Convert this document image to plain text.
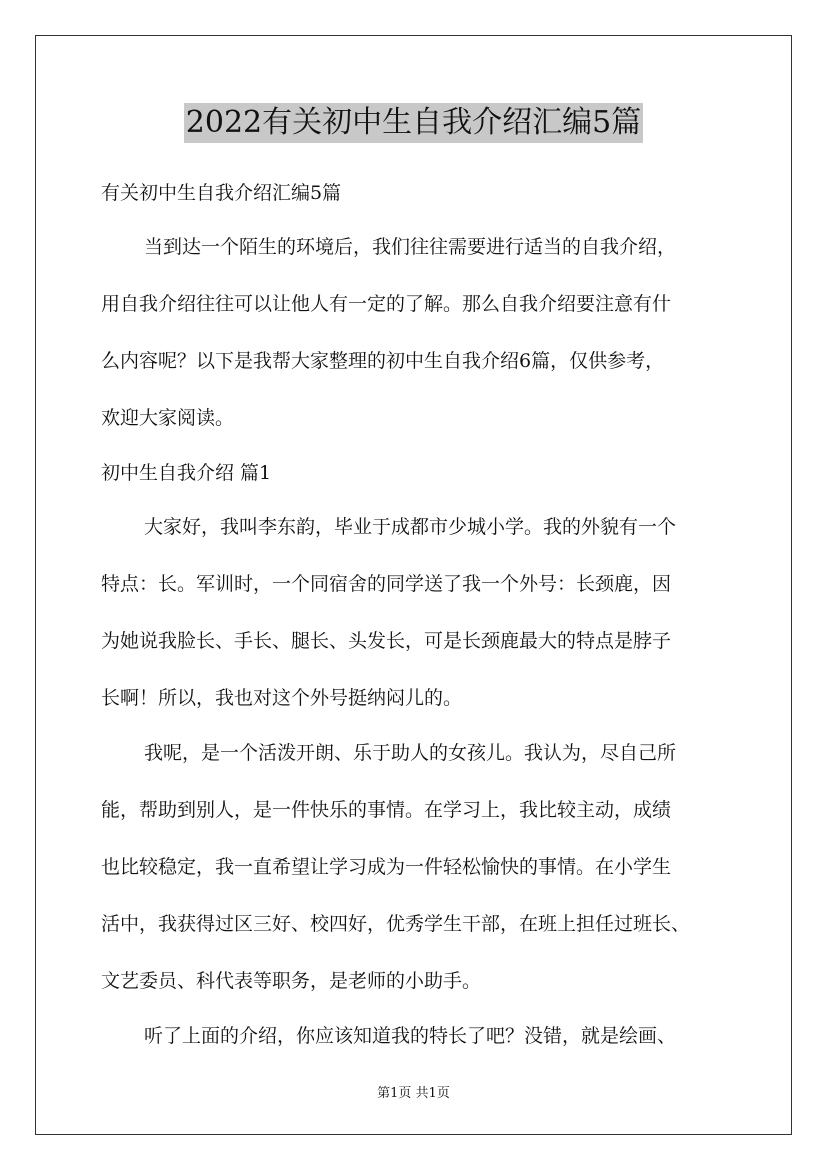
2022有关初中生自我介绍汇编5篇

有关初中生自我介绍汇编5篇

当到达一个陌生的环境后，我们往往需要进行适当的自我介绍，

用自我介绍往往可以让他人有一定的了解。那么自我介绍要注意有什

么内容呢？以下是我帮大家整理的初中生自我介绍6篇，仅供参考，

欢迎大家阅读。

初中生自我介绍 篇1

大家好，我叫李东韵，毕业于成都市少城小学。我的外貌有一个

特点：长。军训时，一个同宿舍的同学送了我一个外号：长颈鹿，因

为她说我脸长、手长、腿长、头发长，可是长颈鹿最大的特点是脖子

长啊！所以，我也对这个外号挺纳闷儿的。

我呢，是一个活泼开朗、乐于助人的女孩儿。我认为，尽自己所

能，帮助到别人，是一件快乐的事情。在学习上，我比较主动，成绩

也比较稳定，我一直希望让学习成为一件轻松愉快的事情。在小学生

活中，我获得过区三好、校四好，优秀学生干部，在班上担任过班长、

文艺委员、科代表等职务，是老师的小助手。

听了上面的介绍，你应该知道我的特长了吧？没错，就是绘画、

第1页 共1页
